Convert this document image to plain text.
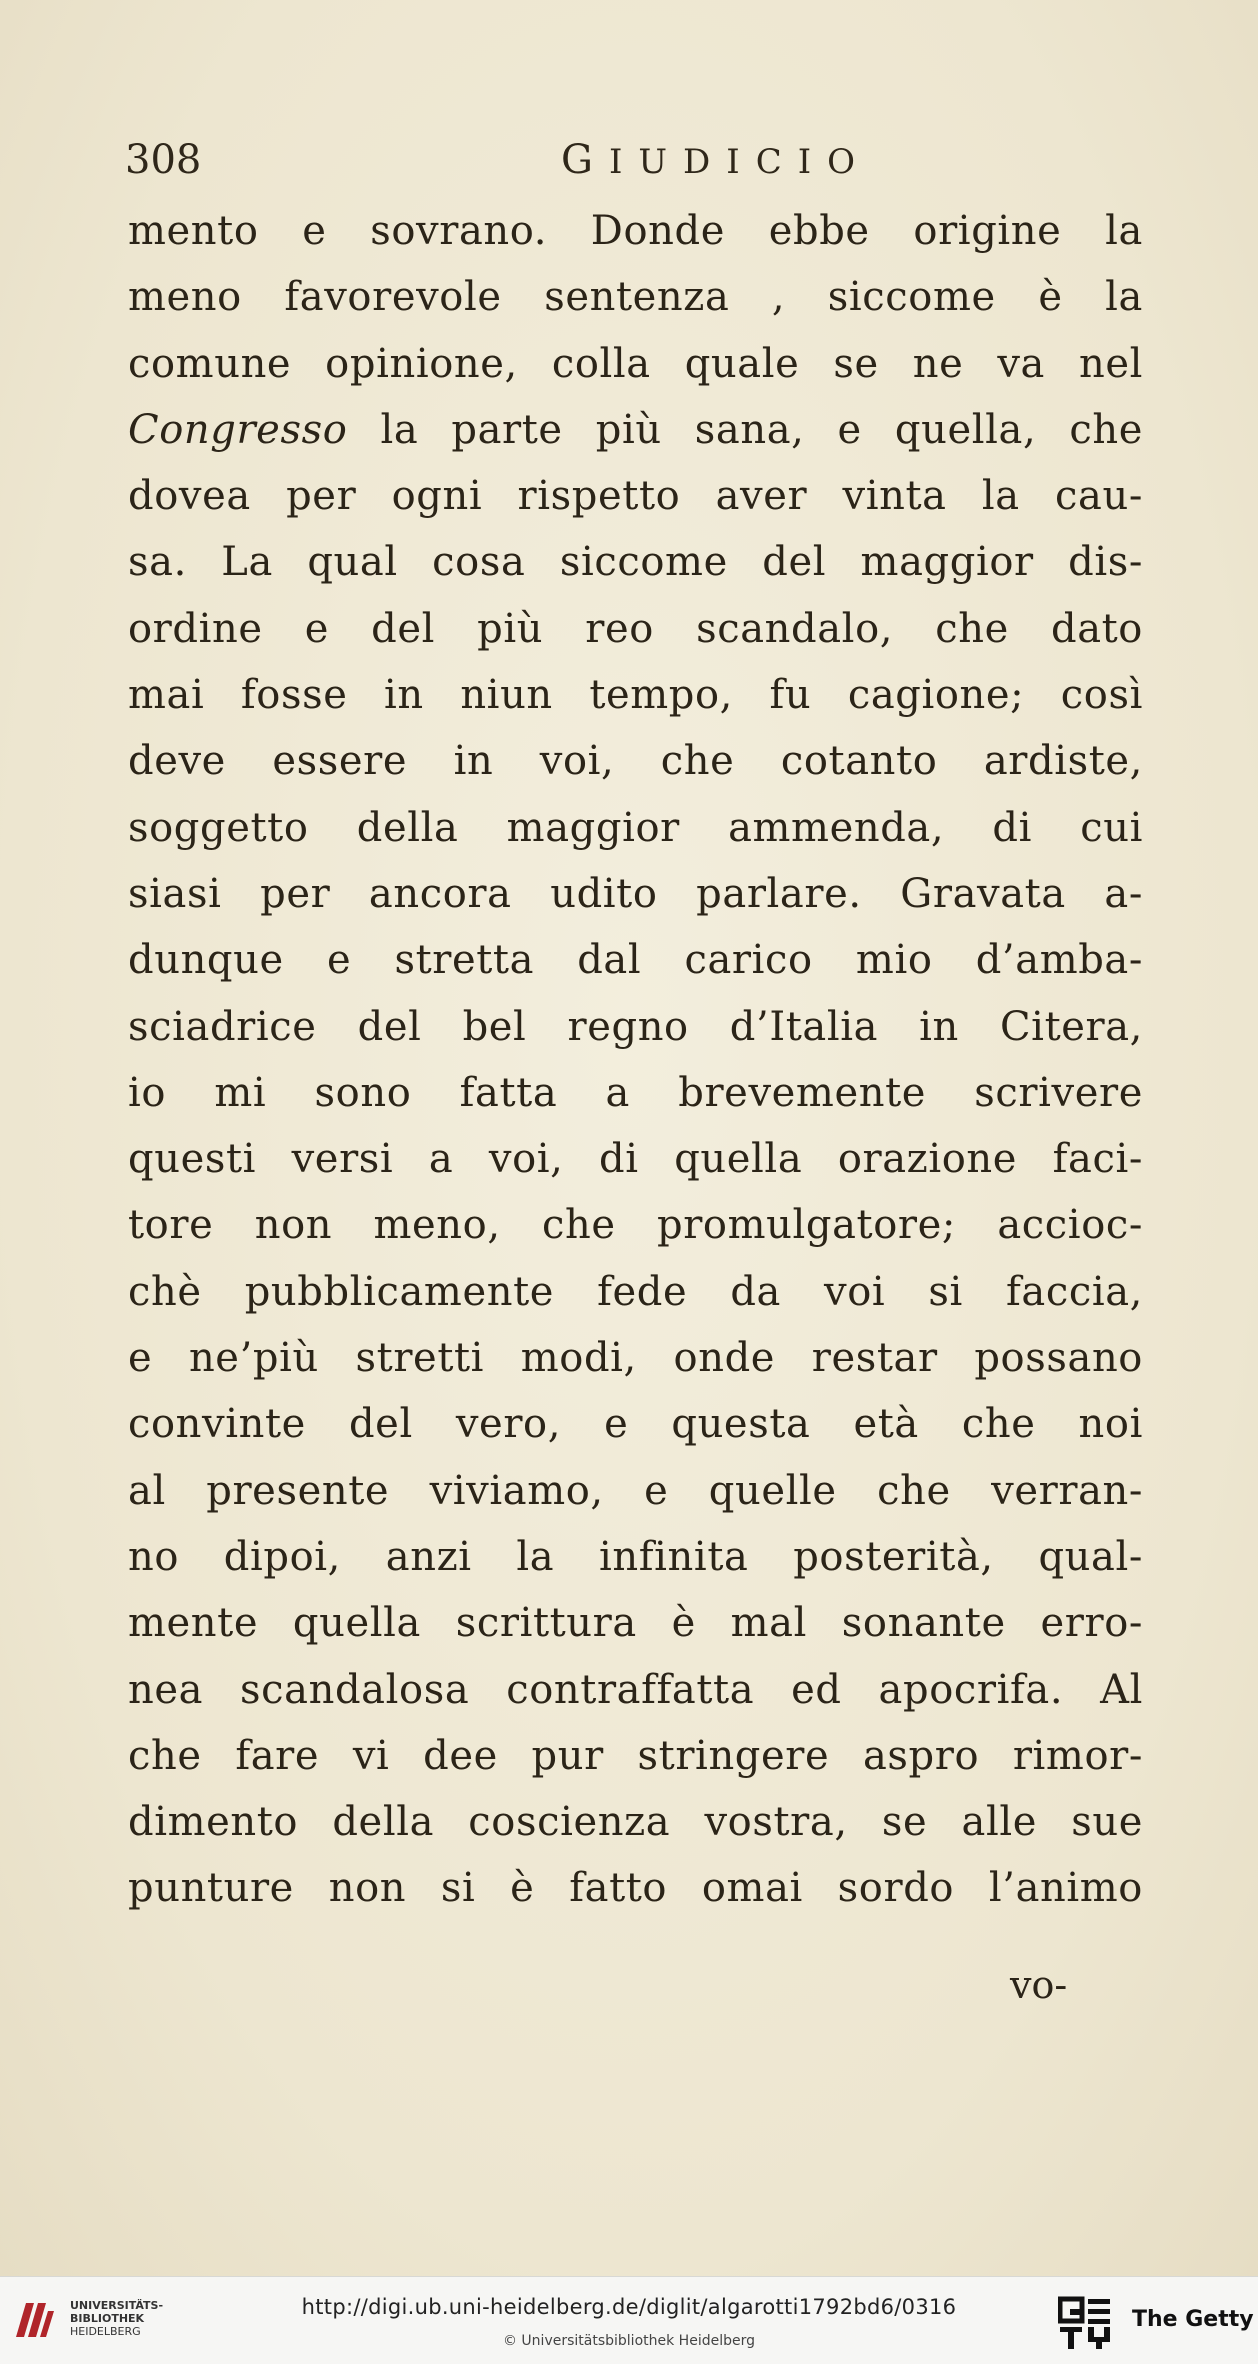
308	GIUDICIO
mento e sovrano. Donde ebbe origine la
meno favorevole sentenza , siccome è la
comune opinione, colla quale se ne va nel
Congresso la parte più sana, e quella, che
dovea per ogni rispetto aver vinta la cau-
sa. La qual cosa siccome del maggior dis-
ordine e del più reo scandalo, che dato
mai fosse in niun tempo, fu cagione; così
deve essere in voi, che cotanto ardiste,
soggetto della maggior ammenda, di cui
siasi per ancora udito parlare. Gravata a-
dunque e stretta dal carico mio d’amba-
sciadrice del bel regno d’Italia in Citera,
io mi sono fatta a brevemente scrivere
questi versi a voi, di quella orazione faci-
tore non meno, che promulgatore; accioc-
chè pubblicamente fede da voi si faccia,
e ne’più stretti modi, onde restar possano
convinte del vero, e questa età che noi
al presente viviamo, e quelle che verran-
no dipoi, anzi la infinita posterità, qual-
mente quella scrittura è mal sonante erro-
nea scandalosa contraffatta ed apocrifa. Al
che fare vi dee pur stringere aspro rimor-
dimento della coscienza vostra, se alle sue
punture non si è fatto omai sordo l’animo
vo-
UNIVERSITÄTS-
BIBLIOTHEK
HEIDELBERG
http://digi.ub.uni-heidelberg.de/diglit/algarotti1792bd6/0316
© Universitätsbibliothek Heidelberg
The Getty
